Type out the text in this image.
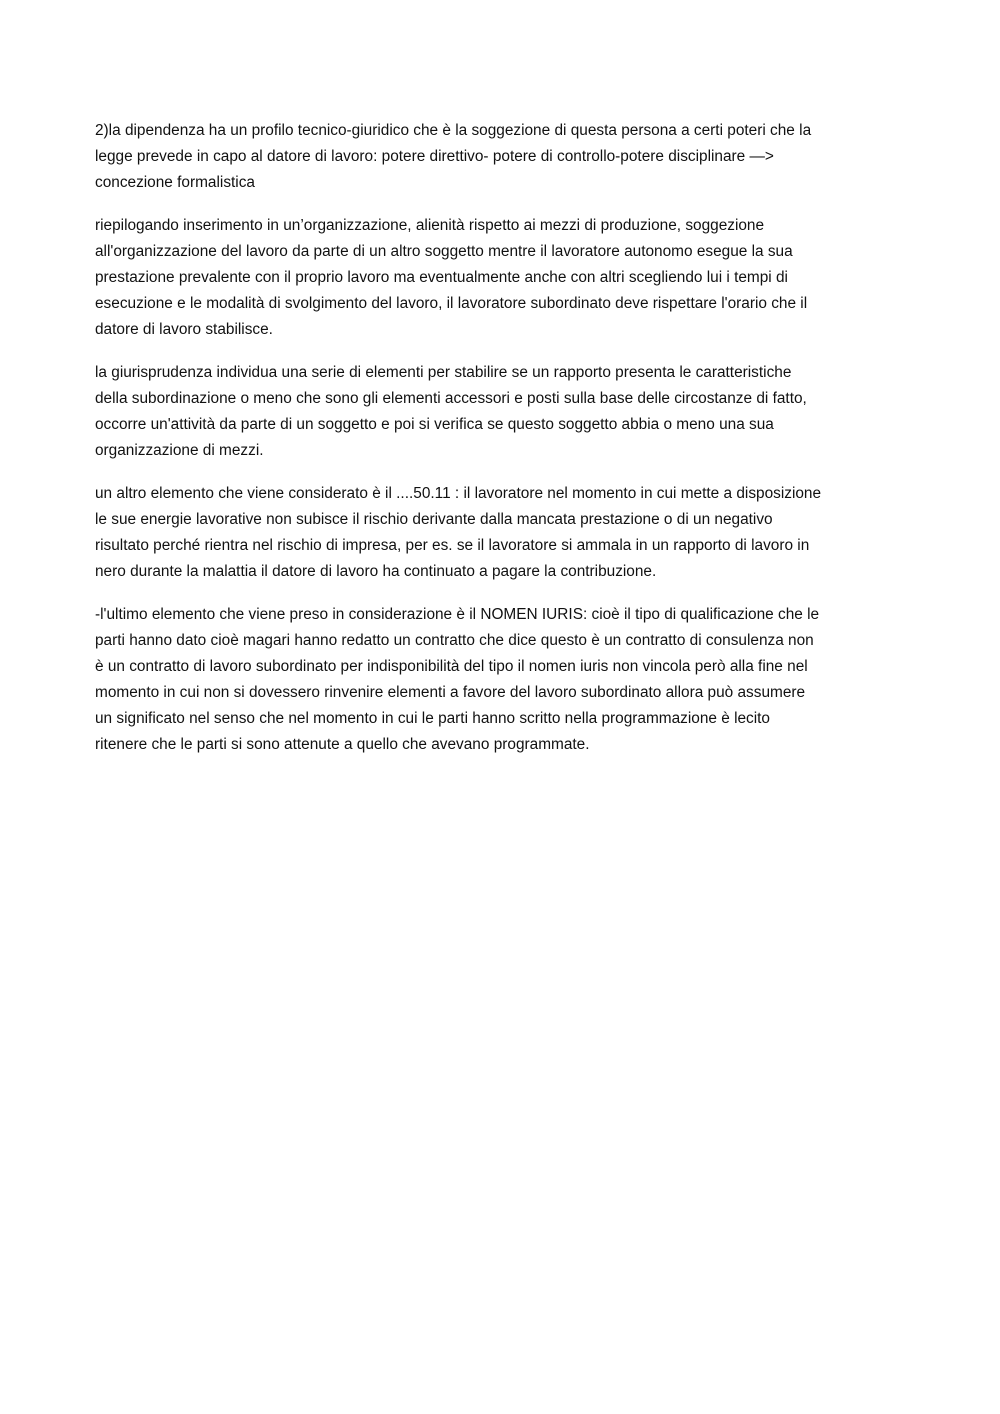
2)la dipendenza ha un profilo tecnico-giuridico che è la soggezione di questa persona a certi poteri che la
legge prevede in capo al datore di lavoro: potere direttivo- potere di controllo-potere disciplinare —>
concezione formalistica

riepilogando inserimento in un’organizzazione, alienità rispetto ai mezzi di produzione, soggezione
all'organizzazione del lavoro da parte di un altro soggetto mentre il lavoratore autonomo esegue la sua
prestazione prevalente con il proprio lavoro ma eventualmente anche con altri scegliendo lui i tempi di
esecuzione e le modalità di svolgimento del lavoro, il lavoratore subordinato deve rispettare l'orario che il
datore di lavoro stabilisce.

la giurisprudenza individua una serie di elementi per stabilire se un rapporto presenta le caratteristiche
della subordinazione o meno che sono gli elementi accessori e posti sulla base delle circostanze di fatto,
occorre un'attività da parte di un soggetto e poi si verifica se questo soggetto abbia o meno una sua
organizzazione di mezzi.

un altro elemento che viene considerato è il ....50.11 : il lavoratore nel momento in cui mette a disposizione
le sue energie lavorative non subisce il rischio derivante dalla mancata prestazione o di un negativo
risultato perché rientra nel rischio di impresa, per es. se il lavoratore si ammala in un rapporto di lavoro in
nero durante la malattia il datore di lavoro ha continuato a pagare la contribuzione.

-l'ultimo elemento che viene preso in considerazione è il NOMEN IURIS: cioè il tipo di qualificazione che le
parti hanno dato cioè magari hanno redatto un contratto che dice questo è un contratto di consulenza non
è un contratto di lavoro subordinato per indisponibilità del tipo il nomen iuris non vincola però alla fine nel
momento in cui non si dovessero rinvenire elementi a favore del lavoro subordinato allora può assumere
un significato nel senso che nel momento in cui le parti hanno scritto nella programmazione è lecito
ritenere che le parti si sono attenute a quello che avevano programmate.
